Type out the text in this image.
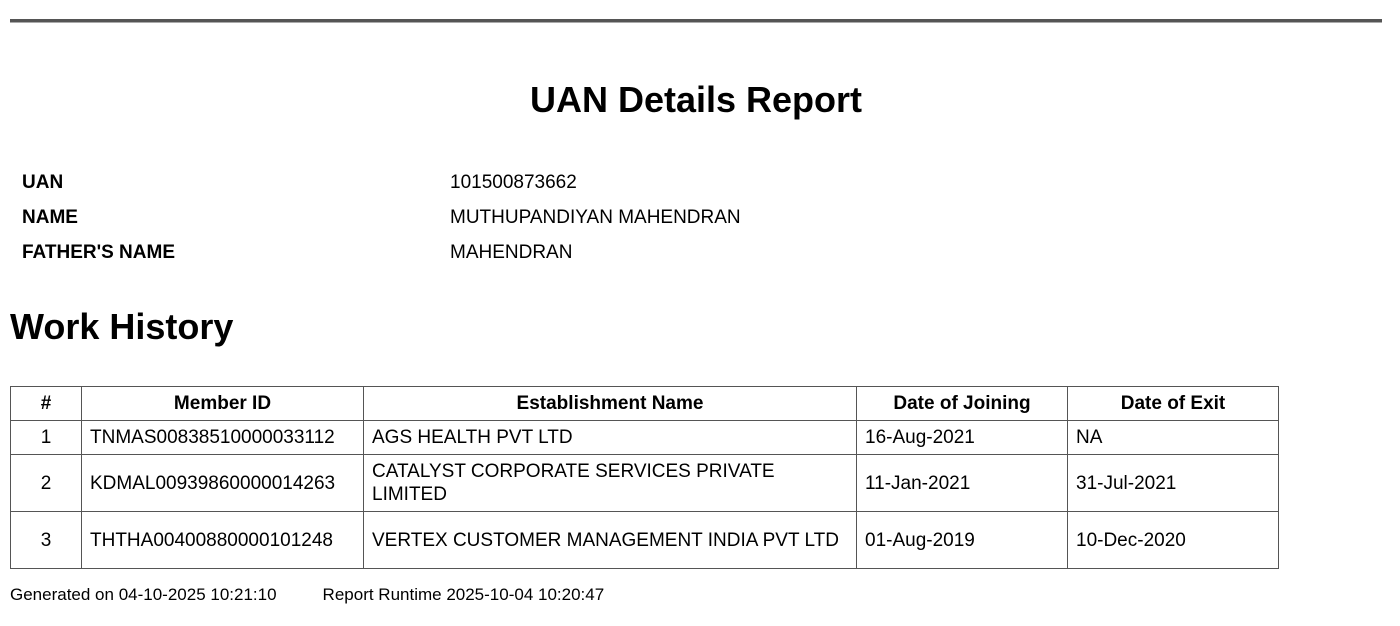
UAN Details Report
UAN	101500873662
NAME	MUTHUPANDIYAN MAHENDRAN
FATHER'S NAME	MAHENDRAN
Work History
#	Member ID	Establishment Name	Date of Joining	Date of Exit
1	TNMAS00838510000033112	AGS HEALTH PVT LTD	16-Aug-2021	NA
2	KDMAL00939860000014263	CATALYST CORPORATE SERVICES PRIVATE LIMITED	11-Jan-2021	31-Jul-2021
3	THTHA00400880000101248	VERTEX CUSTOMER MANAGEMENT INDIA PVT LTD	01-Aug-2019	10-Dec-2020
Generated on 04-10-2025 10:21:10	Report Runtime 2025-10-04 10:20:47
